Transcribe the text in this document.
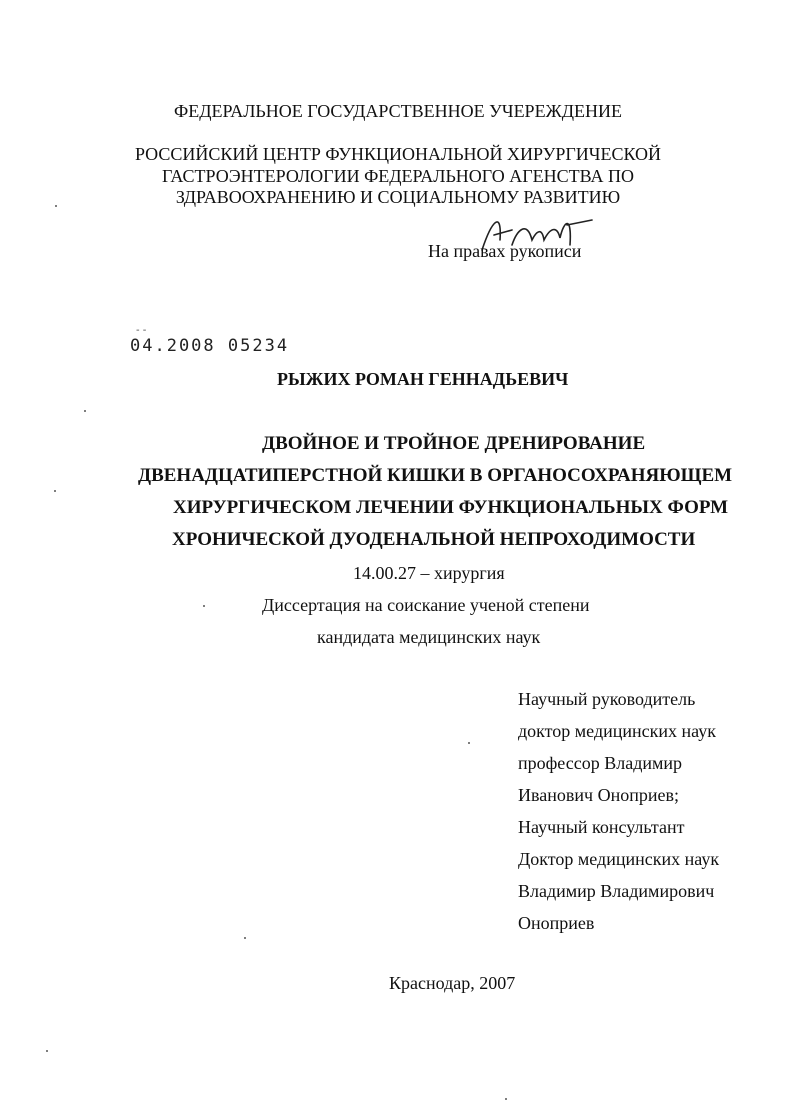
ФЕДЕРАЛЬНОЕ ГОСУДАРСТВЕННОЕ УЧЕРЕЖДЕНИЕ
РОССИЙСКИЙ ЦЕНТР ФУНКЦИОНАЛЬНОЙ ХИРУРГИЧЕСКОЙ
ГАСТРОЭНТЕРОЛОГИИ ФЕДЕРАЛЬНОГО АГЕНСТВА ПО
ЗДРАВООХРАНЕНИЮ И СОЦИАЛЬНОМУ РАЗВИТИЮ
На правах рукописи
- -
04.2008 05234
РЫЖИХ РОМАН ГЕННАДЬЕВИЧ
ДВОЙНОЕ И ТРОЙНОЕ ДРЕНИРОВАНИЕ
ДВЕНАДЦАТИПЕРСТНОЙ КИШКИ В ОРГАНОСОХРАНЯЮЩЕМ
ХИРУРГИЧЕСКОМ ЛЕЧЕНИИ ФУНКЦИОНАЛЬНЫХ ФОРМ
ХРОНИЧЕСКОЙ ДУОДЕНАЛЬНОЙ НЕПРОХОДИМОСТИ
14.00.27 – хирургия
Диссертация на соискание ученой степени
кандидата медицинских наук
Научный руководитель
доктор медицинских наук
профессор Владимир
Иванович Оноприев;
Научный консультант
Доктор медицинских наук
Владимир Владимирович
Оноприев
Краснодар, 2007
